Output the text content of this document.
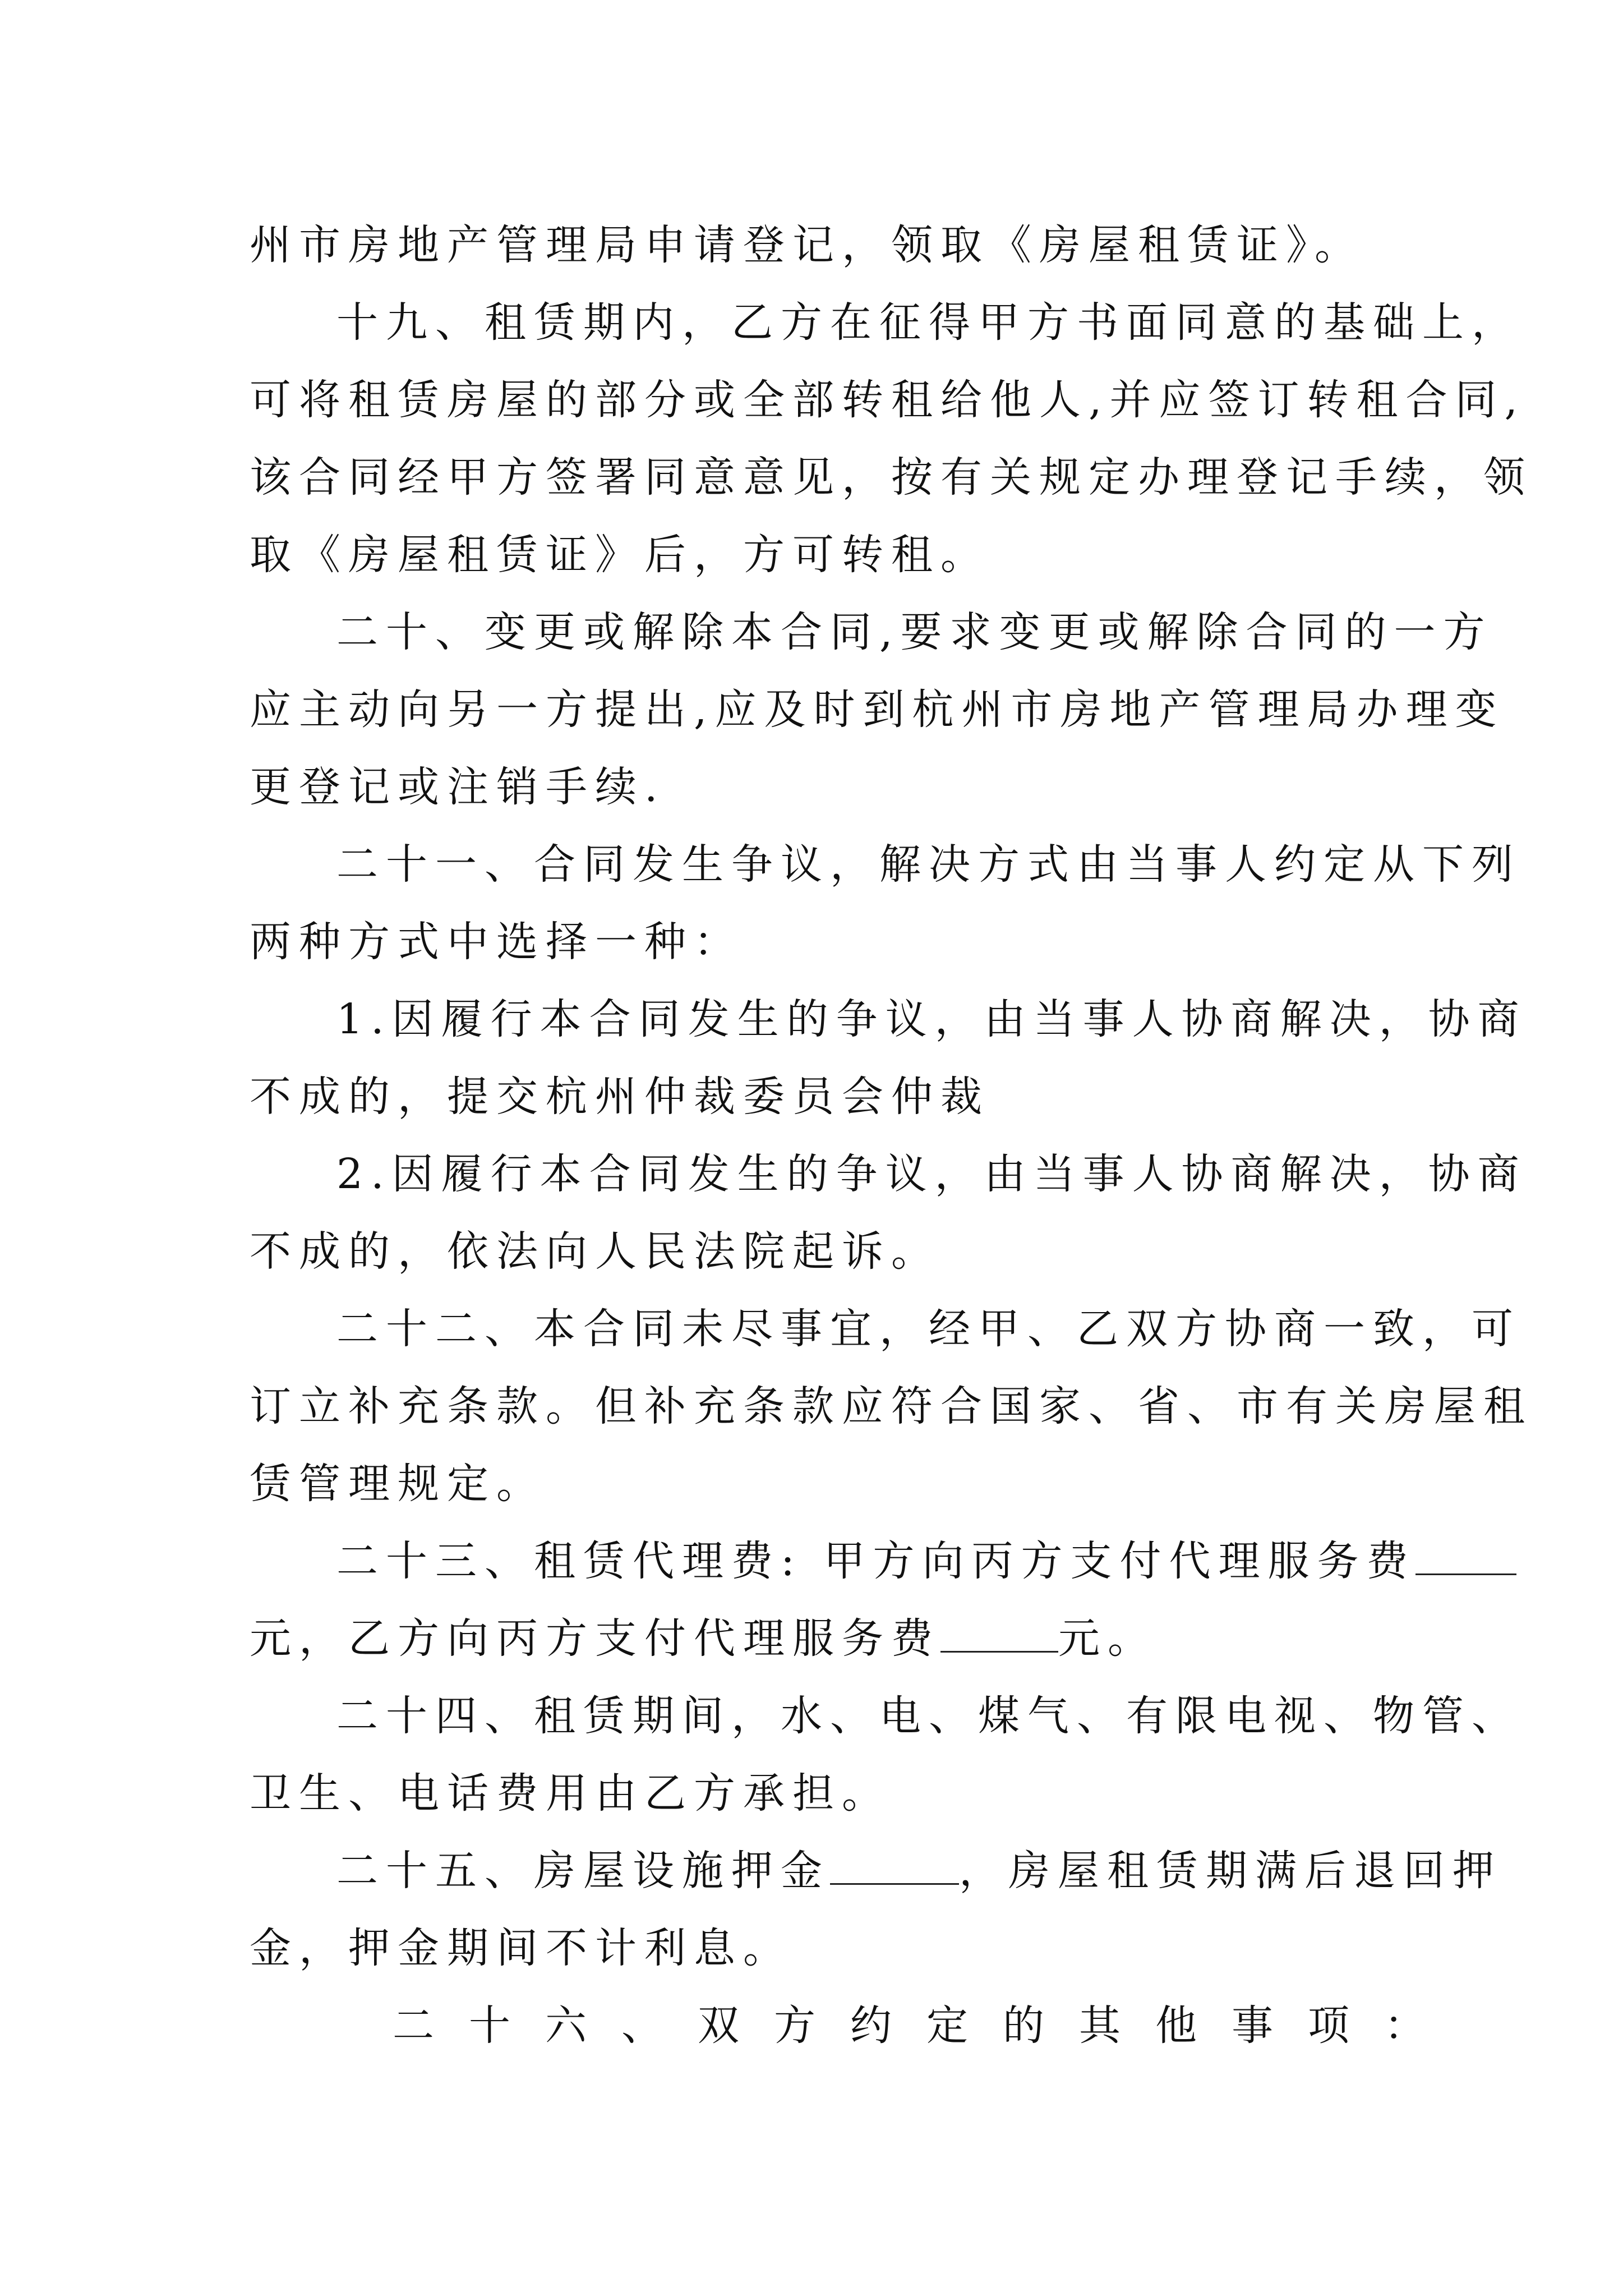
州市房地产管理局申请登记，领取《房屋租赁证》。
十九、租赁期内，乙方在征得甲方书面同意的基础上，
可将租赁房屋的部分或全部转租给他人,并应签订转租合同,
该合同经甲方签署同意意见，按有关规定办理登记手续，领
取《房屋租赁证》后，方可转租。
二十、变更或解除本合同,要求变更或解除合同的一方
应主动向另一方提出,应及时到杭州市房地产管理局办理变
更登记或注销手续.
二十一、合同发生争议，解决方式由当事人约定从下列
两种方式中选择一种：
1.因履行本合同发生的争议，由当事人协商解决，协商
不成的，提交杭州仲裁委员会仲裁
2.因履行本合同发生的争议，由当事人协商解决，协商
不成的，依法向人民法院起诉。
二十二、本合同未尽事宜，经甲、乙双方协商一致，可
订立补充条款。但补充条款应符合国家、省、市有关房屋租
赁管理规定。
二十三、租赁代理费: 甲方向丙方支付代理服务费
元，乙方向丙方支付代理服务费	元。
二十四、租赁期间，水、电、煤气、有限电视、物管、
卫生、电话费用由乙方承担。
二十五、房屋设施押金	，房屋租赁期满后退回押
金，押金期间不计利息。
二十六、双方约定的其他事项：
